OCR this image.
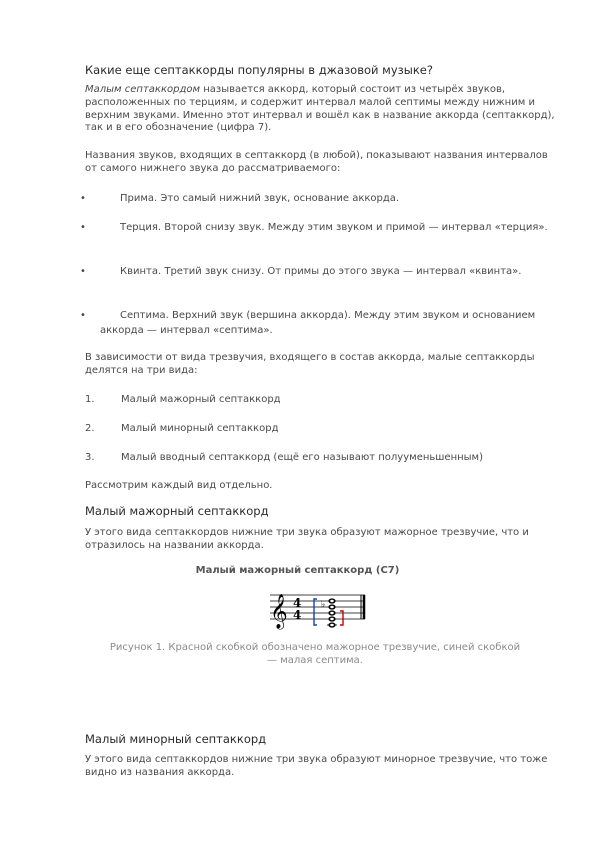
Какие еще септаккорды популярны в джазовой музыке?
Малым септаккордом называется аккорд, который состоит из четырёх звуков, расположенных по терциям, и содержит интервал малой септимы между нижним и верхним звуками. Именно этот интервал и вошёл как в название аккорда (септаккорд), так и в его обозначение (цифра 7).
Названия звуков, входящих в септаккорд (в любой), показывают названия интервалов от самого нижнего звука до рассматриваемого:
•	Прима. Это самый нижний звук, основание аккорда.
•	Терция. Второй снизу звук. Между этим звуком и примой — интервал «терция».
•	Квинта. Третий звук снизу. От примы до этого звука — интервал «квинта».
•	Септима. Верхний звук (вершина аккорда). Между этим звуком и основанием аккорда — интервал «септима».
В зависимости от вида трезвучия, входящего в состав аккорда, малые септаккорды делятся на три вида:
1.	Малый мажорный септаккорд
2.	Малый минорный септаккорд
3.	Малый вводный септаккорд (ещё его называют полууменьшенным)
Рассмотрим каждый вид отдельно.
Малый мажорный септаккорд
У этого вида септаккордов нижние три звука образуют мажорное трезвучие, что и отразилось на названии аккорда.
Малый мажорный септаккорд (C7)
𝄞 4
4
♭
Рисунок 1. Красной скобкой обозначено мажорное трезвучие, синей скобкой — малая септима.
Малый минорный септаккорд
У этого вида септаккордов нижние три звука образуют минорное трезвучие, что тоже видно из названия аккорда.
